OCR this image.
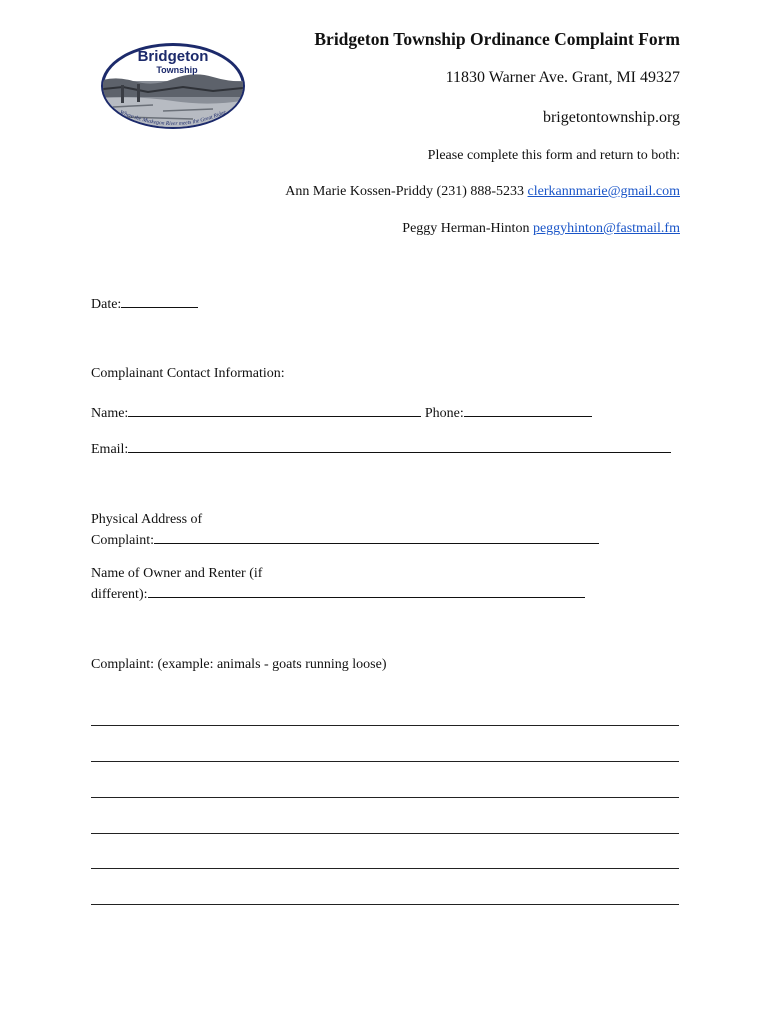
Bridgeton
Township
Where the Muskegon River meets the Great Ridge
Bridgeton Township Ordinance Complaint Form
11830 Warner Ave. Grant, MI 49327
brigetontownship.org
Please complete this form and return to both:
Ann Marie Kossen-Priddy (231) 888-5233 clerkannmarie@gmail.com
Peggy Herman-Hinton peggyhinton@fastmail.fm
Date:
Complainant Contact Information:
Name:	Phone:
Email:
Physical Address of
Complaint:
Name of Owner and Renter (if
different):
Complaint: (example: animals - goats running loose)
